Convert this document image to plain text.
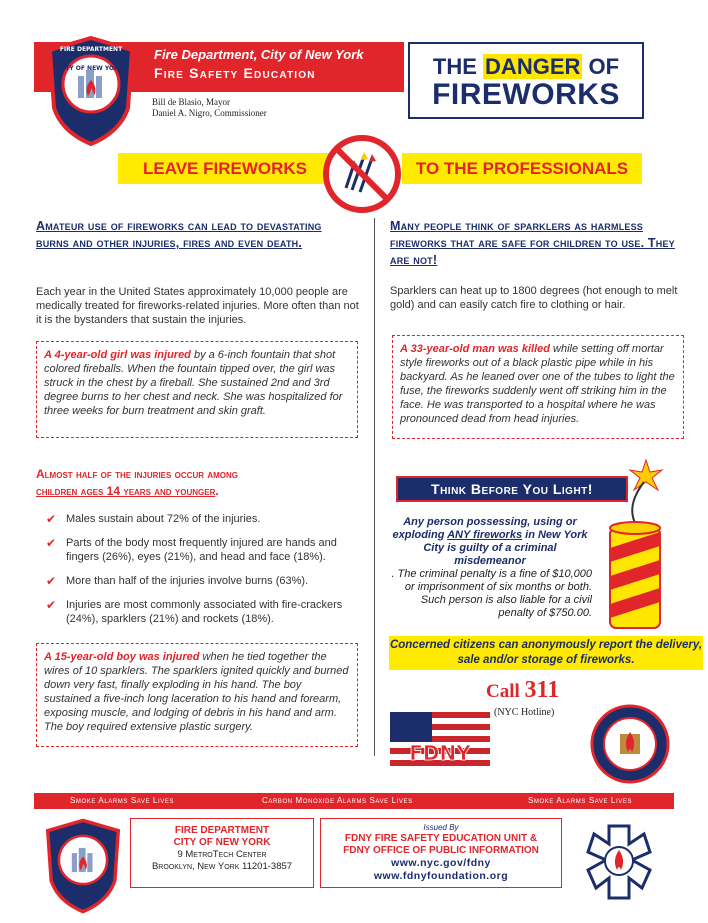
Fire Department, City of New York
Fire Safety Education
Bill de Blasio, Mayor
Daniel A. Nigro, Commissioner
CITY OF NEW YORK
FIRE DEPARTMENT
THE DANGER OF
FIREWORKS
LEAVE FIREWORKS	TO THE PROFESSIONALS
Amateur use of fireworks can lead to devastating burns and other injuries, fires and even death.
Each year in the United States approximately 10,000 people are medically treated for fireworks-related injuries. More often than not it is the bystanders that sustain the injuries.
A 4-year-old girl was injured by a 6-inch fountain that shot colored fireballs. When the fountain tipped over, the girl was struck in the chest by a fireball. She sustained 2nd and 3rd degree burns to her chest and neck. She was hospitalized for three weeks for burn treatment and skin graft.
Almost half of the injuries occur among
children ages 14 years and younger.
✔ Males sustain about 72% of the injuries.
✔ Parts of the body most frequently injured are hands and fingers (26%), eyes (21%), and head and face (18%).
✔ More than half of the injuries involve burns (63%).
✔ Injuries are most commonly associated with fire-crackers (24%), sparklers (21%) and rockets (18%).
A 15-year-old boy was injured when he tied together the wires of 10 sparklers. The sparklers ignited quickly and burned down very fast, finally exploding in his hand. The boy sustained a five-inch long laceration to his hand and forearm, exposing muscle, and lodging of debris in his hand and arm. The boy required extensive plastic surgery.
Many people think of sparklers as harmless fireworks that are safe for children to use. They are not!
Sparklers can heat up to 1800 degrees (hot enough to melt gold) and can easily catch fire to clothing or hair.
A 33-year-old man was killed while setting off mortar style fireworks out of a black plastic pipe while in his backyard. As he leaned over one of the tubes to light the fuse, the fireworks suddenly went off striking him in the face. He was transported to a hospital where he was pronounced dead from head injuries.
Think Before You Light!
Any person possessing, using or exploding ANY fireworks in New York City is guilty of a criminal misdemeanor
. The criminal penalty is a fine of $10,000 or imprisonment of six months or both. Such person is also liable for a civil penalty of $750.00.
Concerned citizens can anonymously report the delivery, sale and/or storage of fireworks.
Call 311
(NYC Hotline)
FDNY
Smoke Alarms Save Lives	Carbon Monoxide Alarms Save Lives	Smoke Alarms Save Lives
FIRE DEPARTMENT
CITY OF NEW YORK
9 MetroTech Center
Brooklyn, New York 11201-3857
Issued By
FDNY FIRE SAFETY EDUCATION UNIT &
FDNY OFFICE OF PUBLIC INFORMATION
www.nyc.gov/fdny
www.fdnyfoundation.org
